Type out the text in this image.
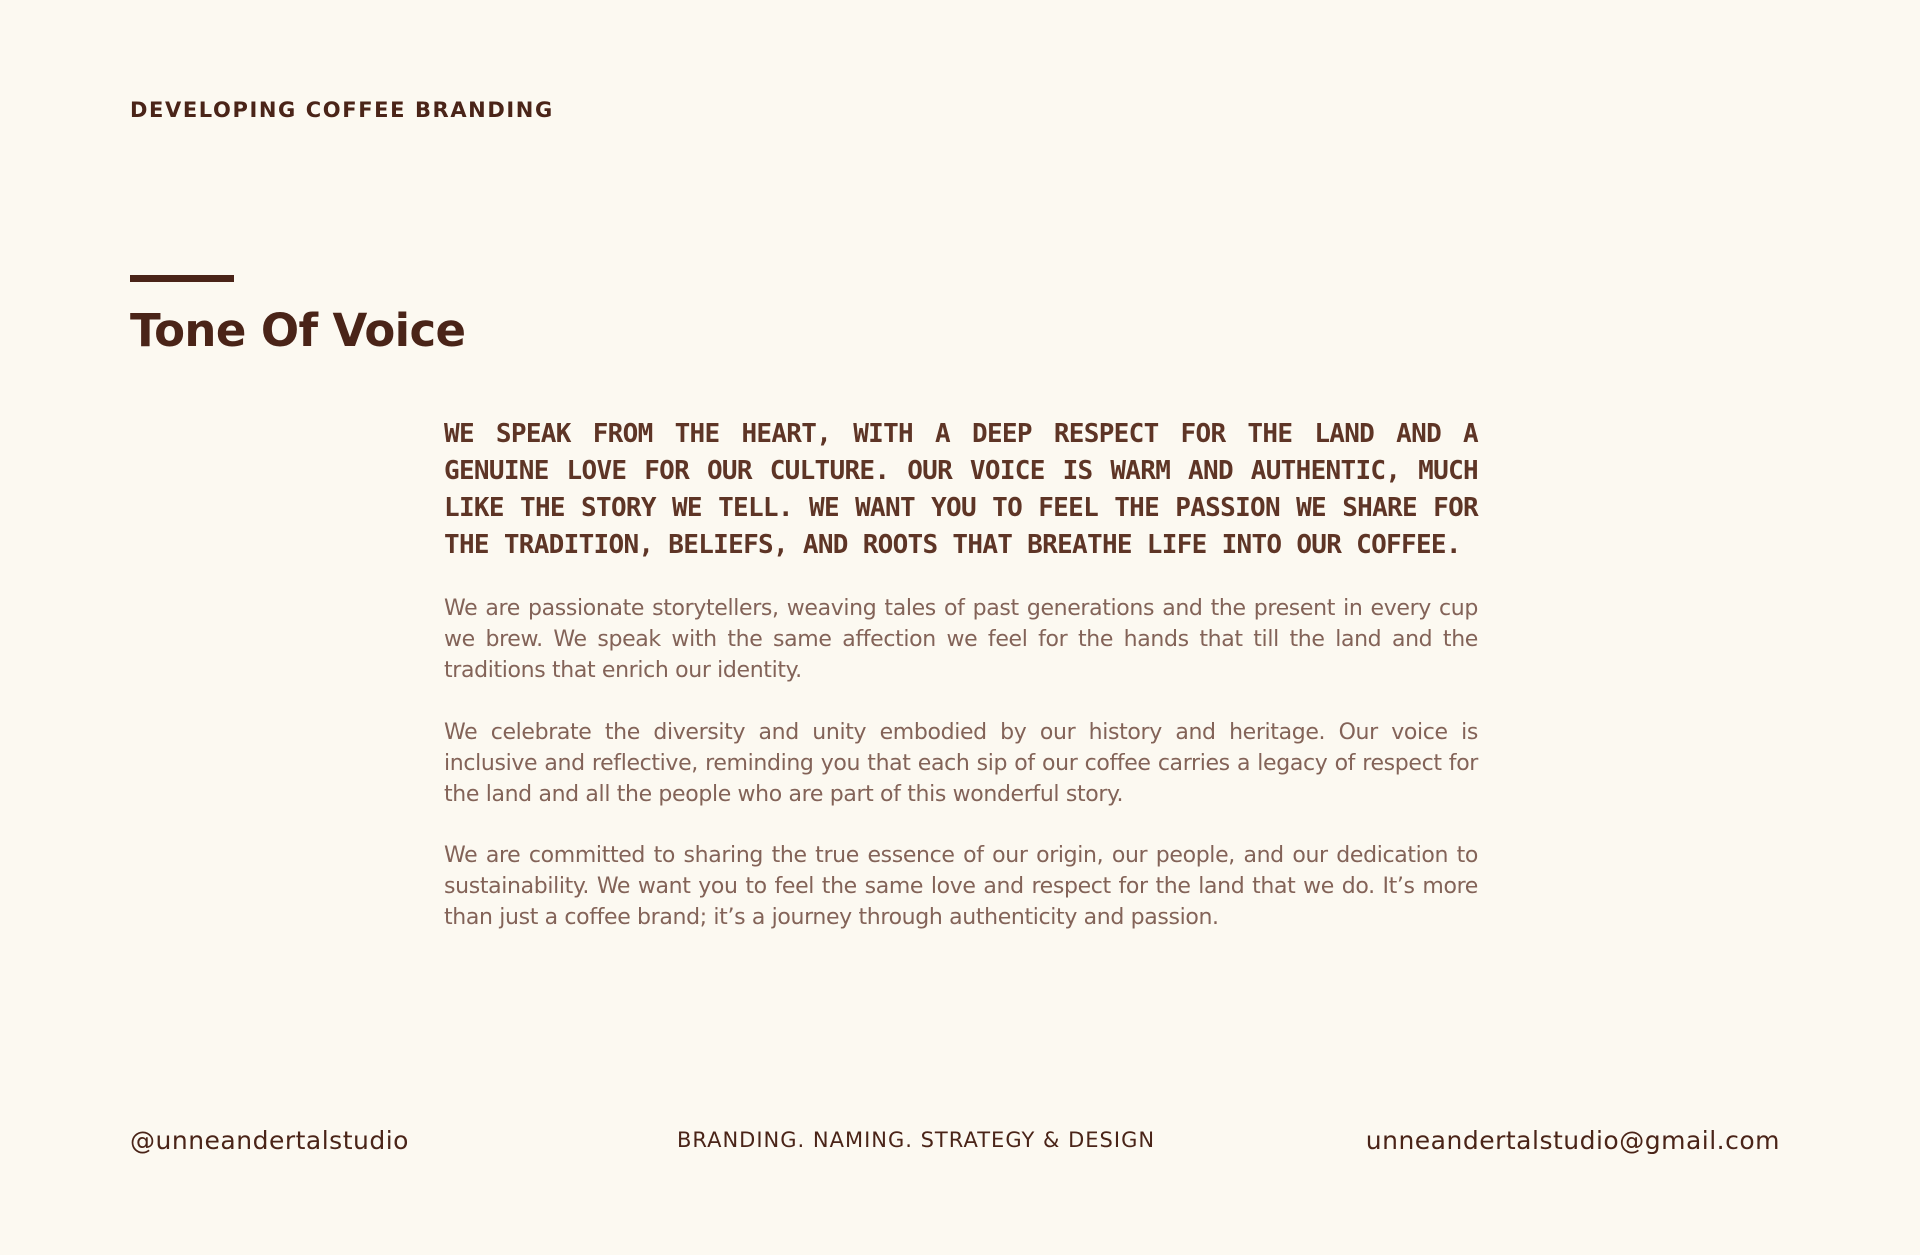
DEVELOPING COFFEE BRANDING
Tone Of Voice

WE SPEAK FROM THE HEART, WITH A DEEP RESPECT FOR THE LAND AND A GENUINE LOVE FOR OUR CULTURE. OUR VOICE IS WARM AND AUTHENTIC, MUCH LIKE THE STORY WE TELL. WE WANT YOU TO FEEL THE PASSION WE SHARE FOR THE TRADITION, BELIEFS, AND ROOTS THAT BREATHE LIFE INTO OUR COFFEE.

We are passionate storytellers, weaving tales of past generations and the present in every cup we brew. We speak with the same affection we feel for the hands that till the land and the traditions that enrich our identity.

We celebrate the diversity and unity embodied by our history and heritage. Our voice is inclusive and reflective, reminding you that each sip of our coffee carries a legacy of respect for the land and all the people who are part of this wonderful story.

We are committed to sharing the true essence of our origin, our people, and our dedication to sustainability. We want you to feel the same love and respect for the land that we do. It’s more than just a coffee brand; it’s a journey through authenticity and passion.

@unneandertalstudio	BRANDING. NAMING. STRATEGY & DESIGN	unneandertalstudio@gmail.com
